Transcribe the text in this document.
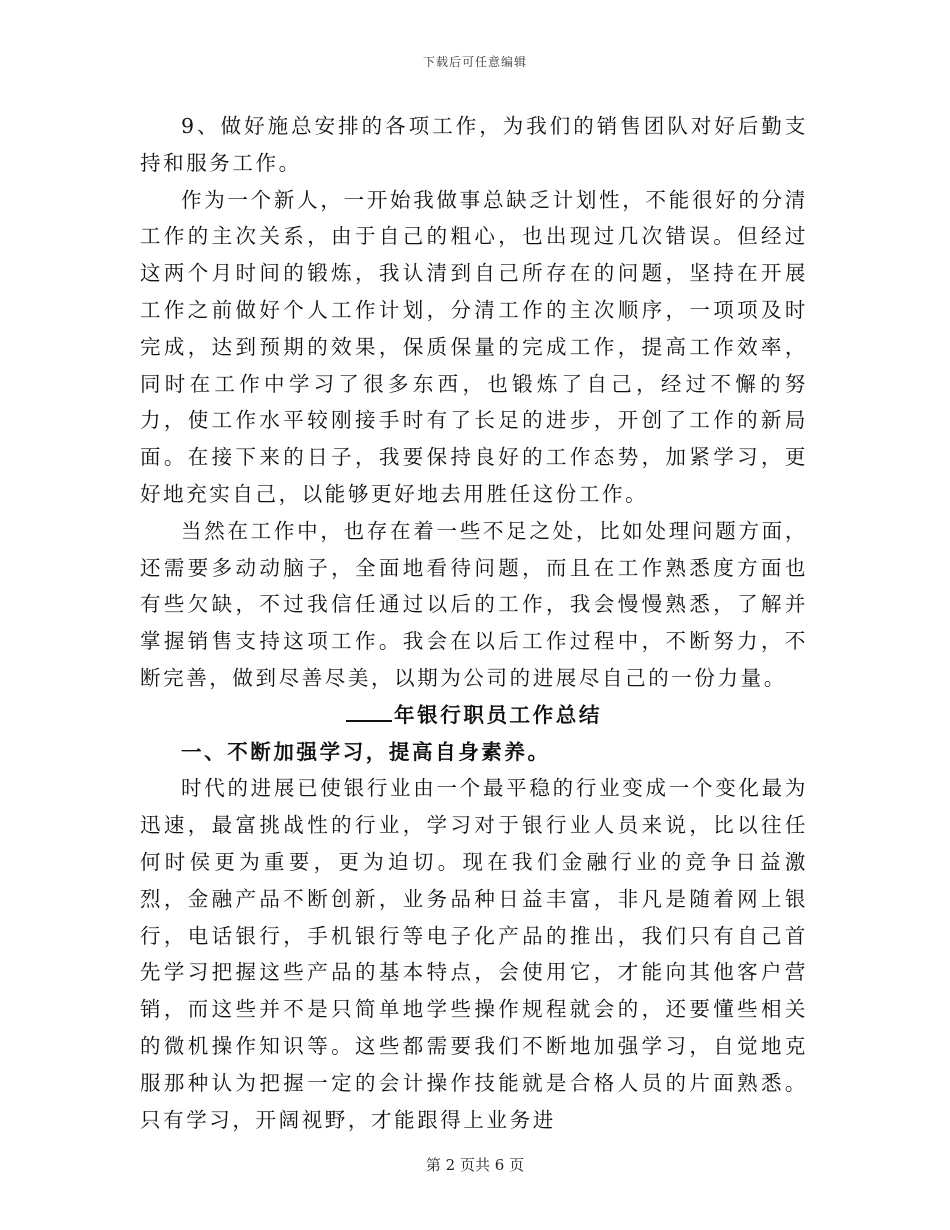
下载后可任意编辑

9、做好施总安排的各项工作，为我们的销售团队对好后勤支持和服务工作。

作为一个新人，一开始我做事总缺乏计划性，不能很好的分清工作的主次关系，由于自己的粗心，也出现过几次错误。但经过这两个月时间的锻炼，我认清到自己所存在的问题，坚持在开展工作之前做好个人工作计划，分清工作的主次顺序，一项项及时完成，达到预期的效果，保质保量的完成工作，提高工作效率，同时在工作中学习了很多东西，也锻炼了自己，经过不懈的努力，使工作水平较刚接手时有了长足的进步，开创了工作的新局面。在接下来的日子，我要保持良好的工作态势，加紧学习，更好地充实自己，以能够更好地去用胜任这份工作。

当然在工作中，也存在着一些不足之处，比如处理问题方面，还需要多动动脑子，全面地看待问题，而且在工作熟悉度方面也有些欠缺，不过我信任通过以后的工作，我会慢慢熟悉，了解并掌握销售支持这项工作。我会在以后工作过程中，不断努力，不断完善，做到尽善尽美，以期为公司的进展尽自己的一份力量。

年银行职员工作总结
一、不断加强学习，提高自身素养。

时代的进展已使银行业由一个最平稳的行业变成一个变化最为迅速，最富挑战性的行业，学习对于银行业人员来说，比以往任何时侯更为重要，更为迫切。现在我们金融行业的竞争日益激烈，金融产品不断创新，业务品种日益丰富，非凡是随着网上银行，电话银行，手机银行等电子化产品的推出，我们只有自己首先学习把握这些产品的基本特点，会使用它，才能向其他客户营销，而这些并不是只简单地学些操作规程就会的，还要懂些相关的微机操作知识等。这些都需要我们不断地加强学习，自觉地克服那种认为把握一定的会计操作技能就是合格人员的片面熟悉。只有学习，开阔视野，才能跟得上业务进

第 2 页共 6 页
